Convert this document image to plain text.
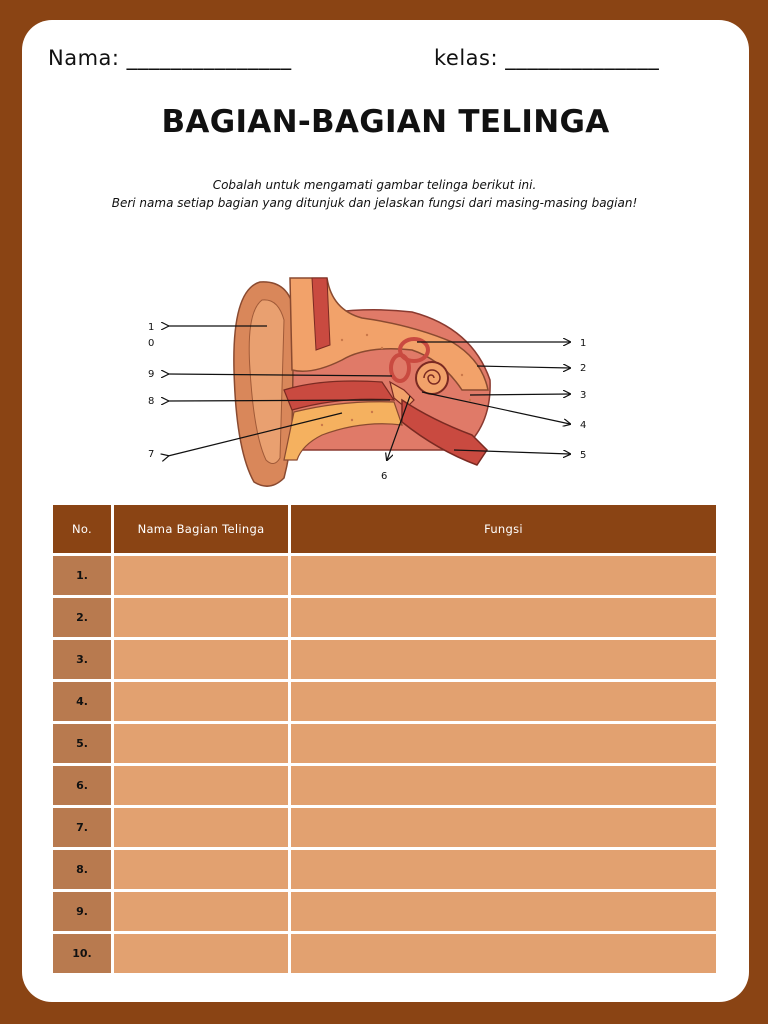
Nama: _______________	kelas: ______________
BAGIAN-BAGIAN TELINGA
Cobalah untuk mengamati gambar telinga berikut ini.
Beri nama setiap bagian yang ditunjuk dan jelaskan fungsi dari masing-masing bagian!
1
0
9
8
7
6
1
2
3
4
5
No.	Nama Bagian Telinga	Fungsi
1.
2.
3.
4.
5.
6.
7.
8.
9.
10.
